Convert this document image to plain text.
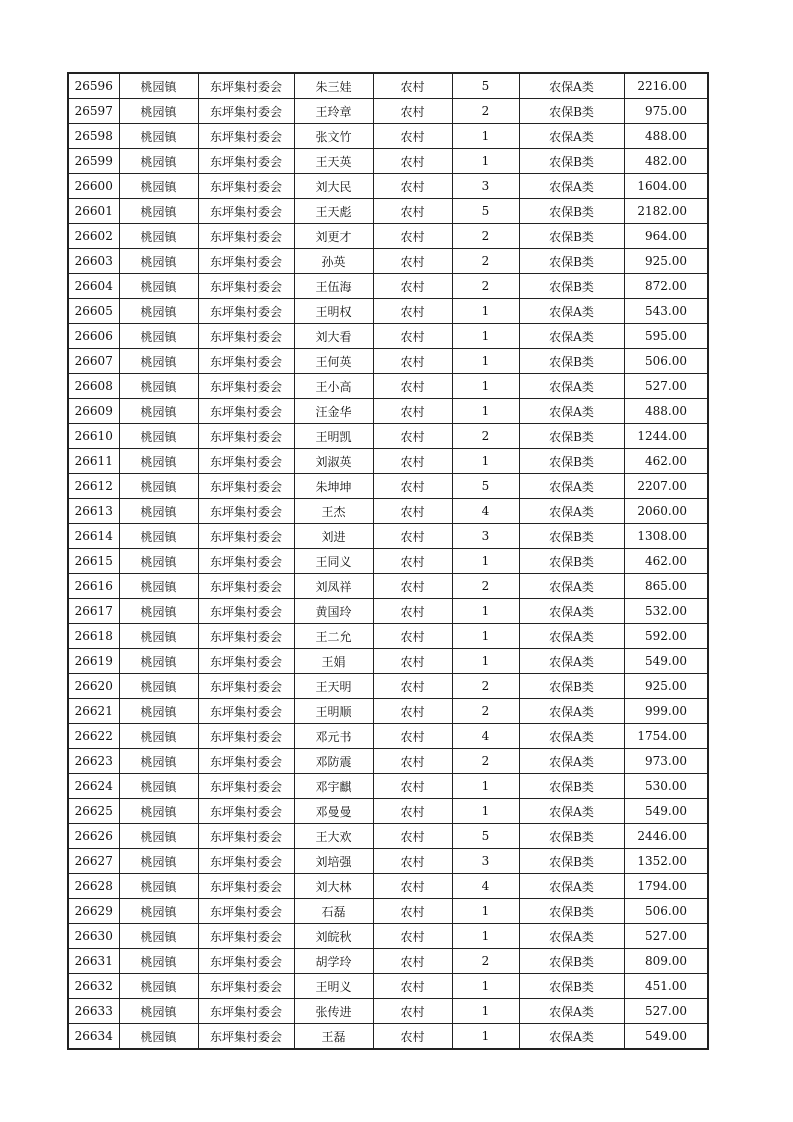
26596	桃园镇	东坪集村委会	朱三娃	农村	5	农保A类	2216.00
26597	桃园镇	东坪集村委会	王玲章	农村	2	农保B类	975.00
26598	桃园镇	东坪集村委会	张文竹	农村	1	农保A类	488.00
26599	桃园镇	东坪集村委会	王天英	农村	1	农保B类	482.00
26600	桃园镇	东坪集村委会	刘大民	农村	3	农保A类	1604.00
26601	桃园镇	东坪集村委会	王天彪	农村	5	农保B类	2182.00
26602	桃园镇	东坪集村委会	刘更才	农村	2	农保B类	964.00
26603	桃园镇	东坪集村委会	孙英	农村	2	农保B类	925.00
26604	桃园镇	东坪集村委会	王伍海	农村	2	农保B类	872.00
26605	桃园镇	东坪集村委会	王明权	农村	1	农保A类	543.00
26606	桃园镇	东坪集村委会	刘大看	农村	1	农保A类	595.00
26607	桃园镇	东坪集村委会	王何英	农村	1	农保B类	506.00
26608	桃园镇	东坪集村委会	王小高	农村	1	农保A类	527.00
26609	桃园镇	东坪集村委会	汪金华	农村	1	农保A类	488.00
26610	桃园镇	东坪集村委会	王明凯	农村	2	农保B类	1244.00
26611	桃园镇	东坪集村委会	刘淑英	农村	1	农保B类	462.00
26612	桃园镇	东坪集村委会	朱坤坤	农村	5	农保A类	2207.00
26613	桃园镇	东坪集村委会	王杰	农村	4	农保A类	2060.00
26614	桃园镇	东坪集村委会	刘进	农村	3	农保B类	1308.00
26615	桃园镇	东坪集村委会	王同义	农村	1	农保B类	462.00
26616	桃园镇	东坪集村委会	刘凤祥	农村	2	农保A类	865.00
26617	桃园镇	东坪集村委会	黄国玲	农村	1	农保A类	532.00
26618	桃园镇	东坪集村委会	王二允	农村	1	农保A类	592.00
26619	桃园镇	东坪集村委会	王娟	农村	1	农保A类	549.00
26620	桃园镇	东坪集村委会	王天明	农村	2	农保B类	925.00
26621	桃园镇	东坪集村委会	王明顺	农村	2	农保A类	999.00
26622	桃园镇	东坪集村委会	邓元书	农村	4	农保A类	1754.00
26623	桃园镇	东坪集村委会	邓防震	农村	2	农保A类	973.00
26624	桃园镇	东坪集村委会	邓宇麒	农村	1	农保B类	530.00
26625	桃园镇	东坪集村委会	邓曼曼	农村	1	农保A类	549.00
26626	桃园镇	东坪集村委会	王大欢	农村	5	农保B类	2446.00
26627	桃园镇	东坪集村委会	刘培强	农村	3	农保B类	1352.00
26628	桃园镇	东坪集村委会	刘大林	农村	4	农保A类	1794.00
26629	桃园镇	东坪集村委会	石磊	农村	1	农保B类	506.00
26630	桃园镇	东坪集村委会	刘皖秋	农村	1	农保A类	527.00
26631	桃园镇	东坪集村委会	胡学玲	农村	2	农保B类	809.00
26632	桃园镇	东坪集村委会	王明义	农村	1	农保B类	451.00
26633	桃园镇	东坪集村委会	张传进	农村	1	农保A类	527.00
26634	桃园镇	东坪集村委会	王磊	农村	1	农保A类	549.00
